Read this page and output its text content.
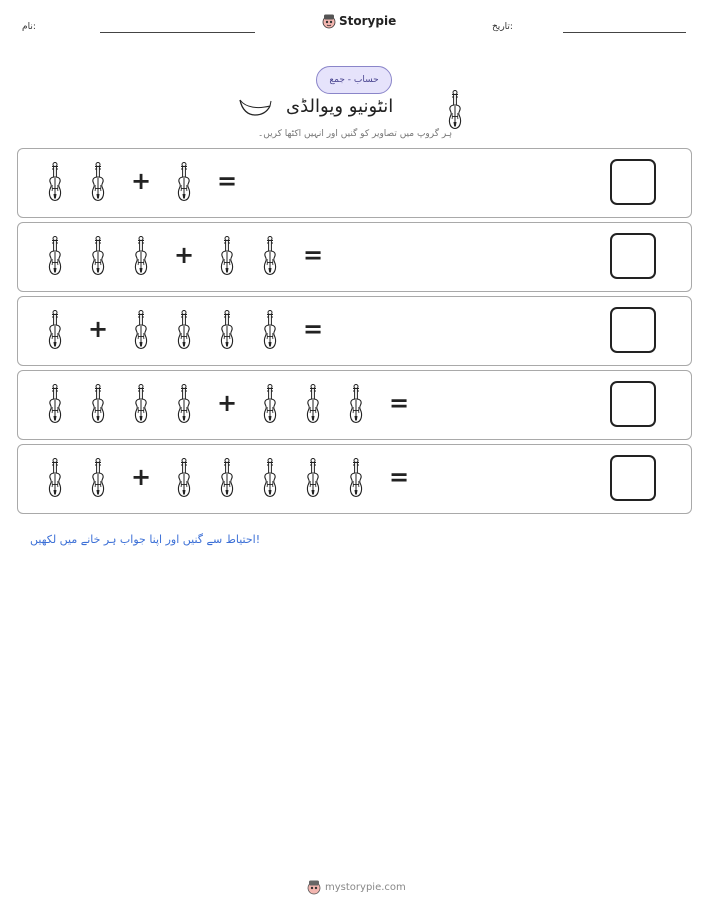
نام:	Storypie	تاریخ:
حساب - جمع
انٹونیو ویوالڈی
ہر گروپ میں تصاویر کو گنیں اور انہیں اکٹھا کریں۔
+	=
+	=
+	=
+	=
+	=
احتیاط سے گنیں اور اپنا جواب ہر خانے میں لکھیں!
mystorypie.com
